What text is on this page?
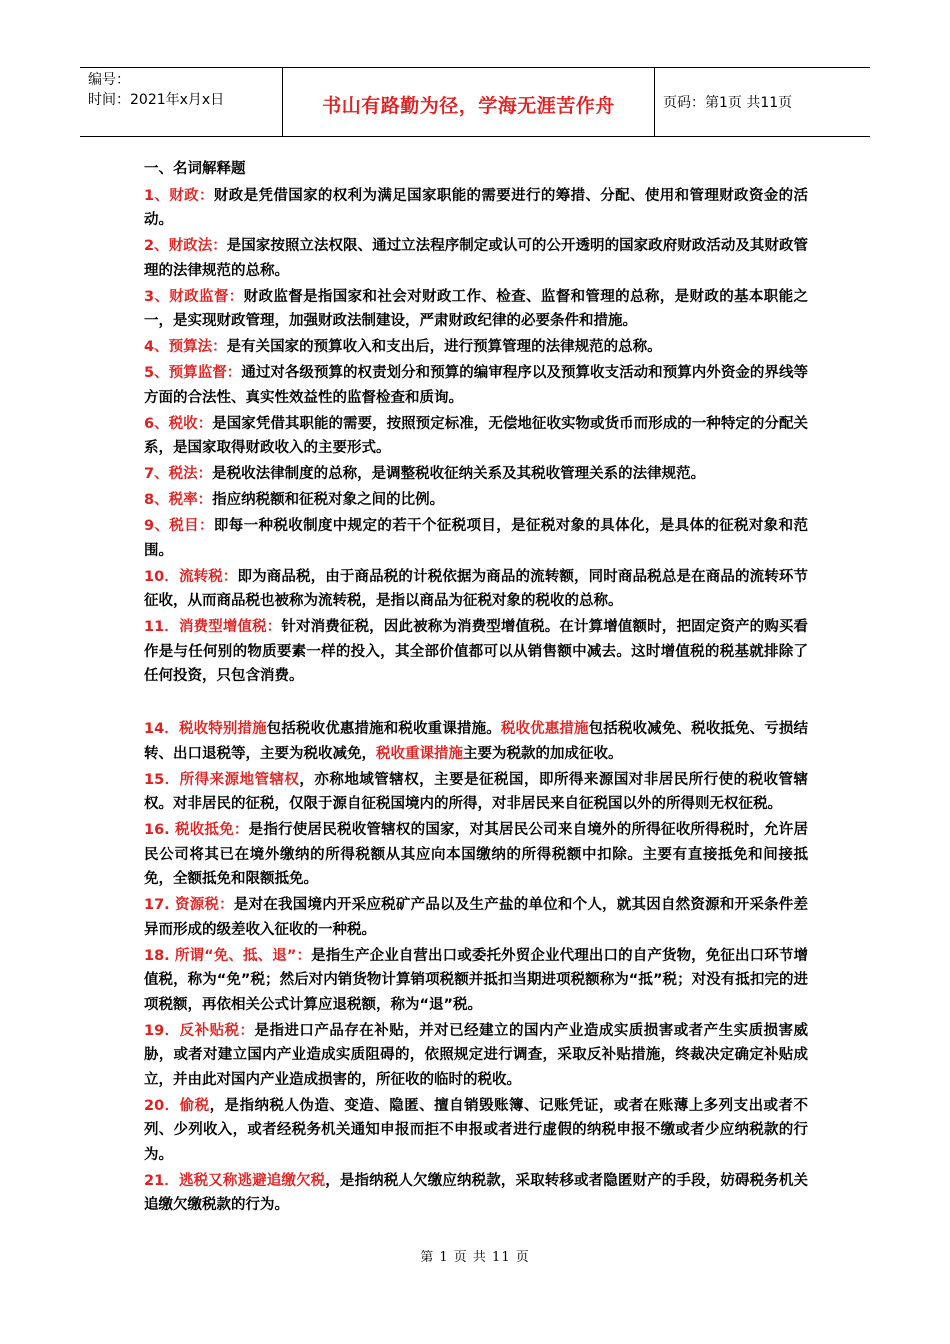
编号：
时间：2021年x月x日	书山有路勤为径，学海无涯苦作舟	页码：第1页 共11页
一、名词解释题
1、财政：财政是凭借国家的权利为满足国家职能的需要进行的筹措、分配、使用和管理财政资金的活动。
2、财政法：是国家按照立法权限、通过立法程序制定或认可的公开透明的国家政府财政活动及其财政管理的法律规范的总称。
3、财政监督：财政监督是指国家和社会对财政工作、检查、监督和管理的总称，是财政的基本职能之一，是实现财政管理，加强财政法制建设，严肃财政纪律的必要条件和措施。
4、预算法：是有关国家的预算收入和支出后，进行预算管理的法律规范的总称。
5、预算监督：通过对各级预算的权责划分和预算的编审程序以及预算收支活动和预算内外资金的界线等方面的合法性、真实性效益性的监督检查和质询。
6、税收：是国家凭借其职能的需要，按照预定标准，无偿地征收实物或货币而形成的一种特定的分配关系，是国家取得财政收入的主要形式。
7、税法：是税收法律制度的总称，是调整税收征纳关系及其税收管理关系的法律规范。
8、税率：指应纳税额和征税对象之间的比例。
9、税目：即每一种税收制度中规定的若干个征税项目，是征税对象的具体化，是具体的征税对象和范围。
10．流转税：即为商品税，由于商品税的计税依据为商品的流转额，同时商品税总是在商品的流转环节征收，从而商品税也被称为流转税，是指以商品为征税对象的税收的总称。
11．消费型增值税：针对消费征税，因此被称为消费型增值税。在计算增值额时，把固定资产的购买看作是与任何别的物质要素一样的投入，其全部价值都可以从销售额中减去。这时增值税的税基就排除了任何投资，只包含消费。
14．税收特别措施包括税收优惠措施和税收重课措施。税收优惠措施包括税收减免、税收抵免、亏损结转、出口退税等，主要为税收减免，税收重课措施主要为税款的加成征收。
15．所得来源地管辖权，亦称地域管辖权，主要是征税国，即所得来源国对非居民所行使的税收管辖权。对非居民的征税，仅限于源自征税国境内的所得，对非居民来自征税国以外的所得则无权征税。
16. 税收抵免：是指行使居民税收管辖权的国家，对其居民公司来自境外的所得征收所得税时，允许居民公司将其已在境外缴纳的所得税额从其应向本国缴纳的所得税额中扣除。主要有直接抵免和间接抵免，全额抵免和限额抵免。
17. 资源税：是对在我国境内开采应税矿产品以及生产盐的单位和个人，就其因自然资源和开采条件差异而形成的级差收入征收的一种税。
18. 所谓“免、抵、退”：是指生产企业自营出口或委托外贸企业代理出口的自产货物，免征出口环节增值税，称为“免”税；然后对内销货物计算销项税额并抵扣当期进项税额称为“抵”税；对没有抵扣完的进项税额，再依相关公式计算应退税额，称为“退”税。
19．反补贴税：是指进口产品存在补贴，并对已经建立的国内产业造成实质损害或者产生实质损害威胁，或者对建立国内产业造成实质阻碍的，依照规定进行调查，采取反补贴措施，终裁决定确定补贴成立，并由此对国内产业造成损害的，所征收的临时的税收。
20．偷税，是指纳税人伪造、变造、隐匿、擅自销毁账簿、记账凭证，或者在账薄上多列支出或者不列、少列收入，或者经税务机关通知申报而拒不申报或者进行虚假的纳税申报不缴或者少应纳税款的行为。
21．逃税又称逃避追缴欠税，是指纳税人欠缴应纳税款，采取转移或者隐匿财产的手段，妨碍税务机关追缴欠缴税款的行为。
第 1 页 共 11 页
